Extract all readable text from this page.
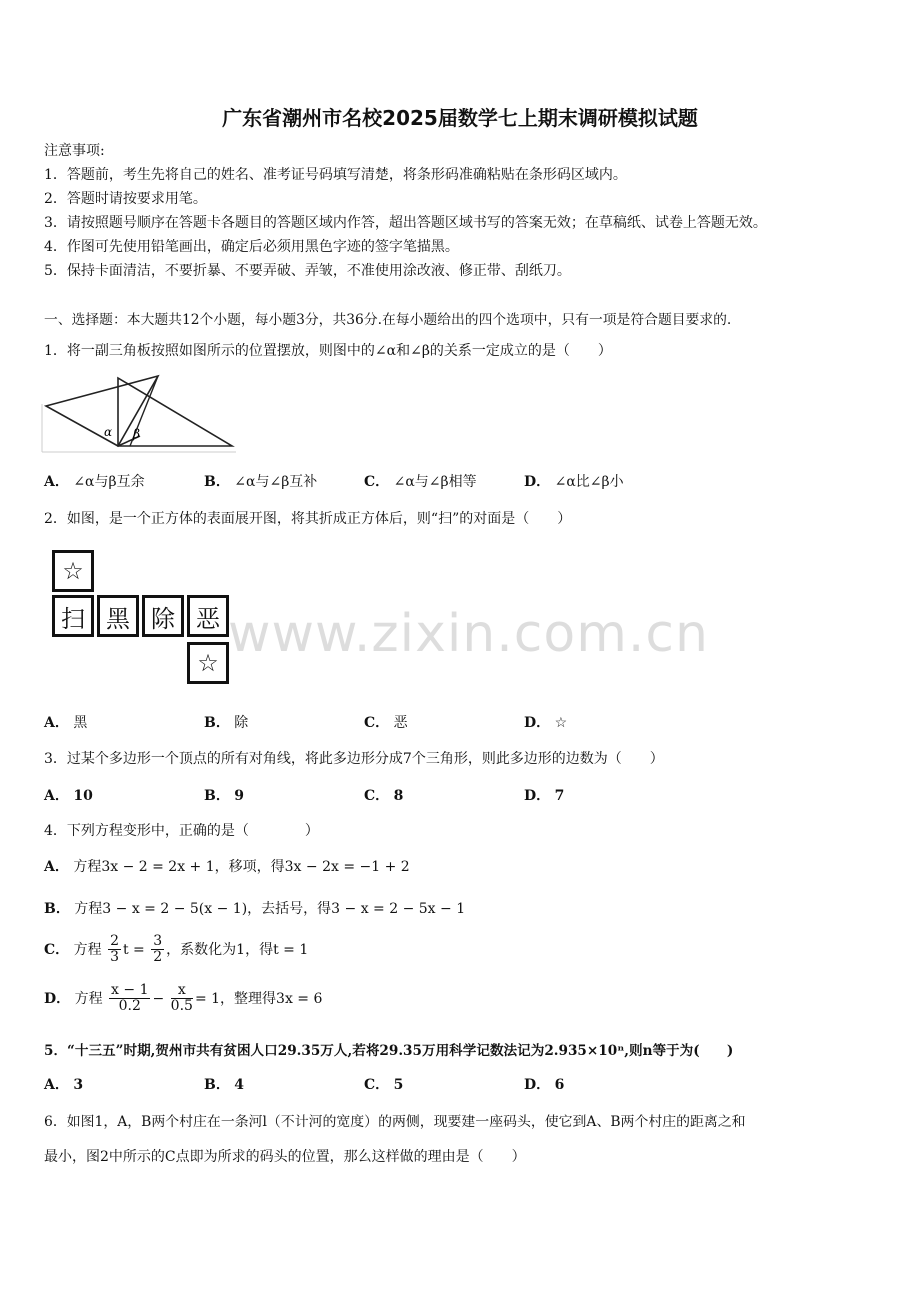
广东省潮州市名校2025届数学七上期末调研模拟试题
注意事项:
1．答题前，考生先将自己的姓名、准考证号码填写清楚，将条形码准确粘贴在条形码区域内。
2．答题时请按要求用笔。
3．请按照题号顺序在答题卡各题目的答题区域内作答，超出答题区域书写的答案无效；在草稿纸、试卷上答题无效。
4．作图可先使用铅笔画出，确定后必须用黑色字迹的签字笔描黑。
5．保持卡面清洁，不要折暴、不要弄破、弄皱，不准使用涂改液、修正带、刮纸刀。
一、选择题：本大题共12个小题，每小题3分，共36分.在每小题给出的四个选项中，只有一项是符合题目要求的.
1．将一副三角板按照如图所示的位置摆放，则图中的∠α和∠β的关系一定成立的是（　　）
α β
A． ∠α与β互余	B． ∠α与∠β互补	C． ∠α与∠β相等	D． ∠α比∠β小
2．如图，是一个正方体的表面展开图，将其折成正方体后，则“扫”的对面是（　　）
☆
扫 黑 除 恶
☆ www.zixin.com.cn
A． 黑	B． 除	C． 恶	D． ☆
3．过某个多边形一个顶点的所有对角线，将此多边形分成7个三角形，则此多边形的边数为（　　）
A． 10	B． 9	C． 8	D． 7
4．下列方程变形中，正确的是（　　　　）
A． 方程3x − 2 = 2x + 1，移项，得3x − 2x = −1 + 2
B． 方程3 − x = 2 − 5(x − 1)，去括号，得3 − x = 2 − 5x − 1
C． 方程 $\frac{2}{3}$ $t = \frac{3}{2}$ ，系数化为1，得t = 1
D． 方程 $\frac{x - 1}{0.2} - \frac{x}{0.5} = 1$，整理得3x = 6
5．“十三五”时期,贺州市共有贫困人口29.35万人,若将29.35万用科学记数法记为2.935×10ⁿ,则n等于为(　　)
A． 3	B． 4	C． 5	D． 6
6．如图1，A，B两个村庄在一条河l（不计河的宽度）的两侧，现要建一座码头，使它到A、B两个村庄的距离之和
最小，图2中所示的C点即为所求的码头的位置，那么这样做的理由是（　　）
